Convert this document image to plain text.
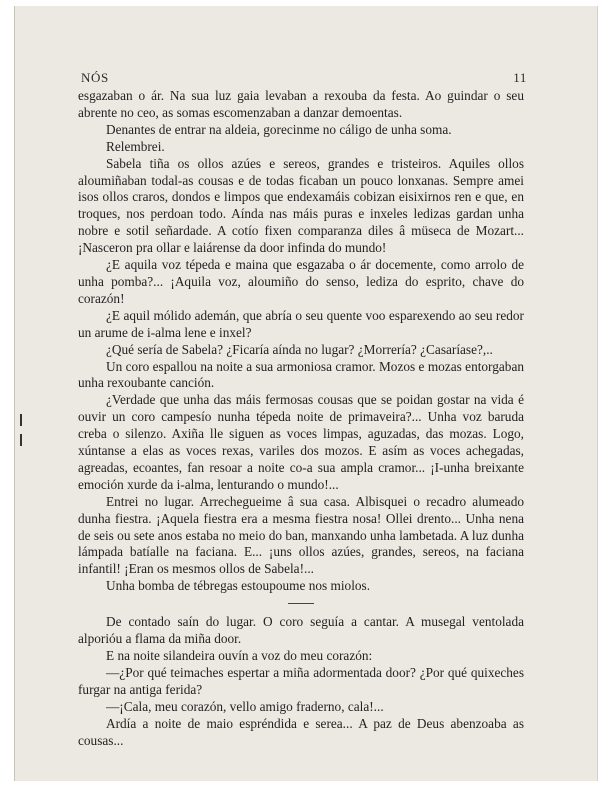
NÓS	11

esgazaban o ár. Na sua luz gaia levaban a rexouba da festa. Ao guindar o seu abrente no ceo, as somas escomenzaban a danzar demoentas.

Denantes de entrar na aldeia, gorecinme no cáligo de unha soma.

Relembrei.

Sabela tiña os ollos azúes e sereos, grandes e tristeiros. Aquiles ollos aloumiñaban todal-as cousas e de todas ficaban un pouco lonxanas. Sempre amei isos ollos craros, dondos e limpos que endexamáis cobizan eisixirnos ren e que, en troques, nos perdoan todo. Aínda nas máis puras e inxeles ledizas gardan unha nobre e sotil señardade. A cotío fixen comparanza diles â müseca de Mozart... ¡Nasceron pra ollar e laiárense da door infinda do mundo!

¿E aquila voz tépeda e maina que esgazaba o ár docemente, como arrolo de unha pomba?... ¡Aquila voz, aloumiño do senso, lediza do esprito, chave do corazón!

¿E aquil mólido ademán, que abría o seu quente voo esparexendo ao seu redor un arume de i-alma lene e inxel?

¿Qué sería de Sabela? ¿Ficaría aínda no lugar? ¿Morrería? ¿Casaríase?,..

Un coro espallou na noite a sua armoniosa cramor. Mozos e mozas entorgaban unha rexoubante canción.

¿Verdade que unha das máis fermosas cousas que se poidan gostar na vida é ouvir un coro campesío nunha tépeda noite de primaveira?... Unha voz baruda creba o silenzo. Axiña lle siguen as voces limpas, aguzadas, das mozas. Logo, xúntanse a elas as voces rexas, variles dos mozos. E asím as voces achegadas, agreadas, ecoantes, fan resoar a noite co-a sua ampla cramor... ¡I-unha breixante emoción xurde da i-alma, lenturando o mundo!...

Entrei no lugar. Arrechegueime â sua casa. Albisquei o recadro alumeado dunha fiestra. ¡Aquela fiestra era a mesma fiestra nosa! Ollei drento... Unha nena de seis ou sete anos estaba no meio do ban, manxando unha lambetada. A luz dunha lámpada batíalle na faciana. E... ¡uns ollos azúes, grandes, sereos, na faciana infantil! ¡Eran os mesmos ollos de Sabela!...

Unha bomba de tébregas estoupoume nos miolos.

De contado saín do lugar. O coro seguía a cantar. A musegal ventolada alporióu a flama da miña door.

E na noite silandeira ouvín a voz do meu corazón:

—¿Por qué teimaches espertar a miña adormentada door? ¿Por qué quixeches furgar na antiga ferida?

—¡Cala, meu corazón, vello amigo fraderno, cala!...

Ardía a noite de maio espréndida e serea... A paz de Deus abenzoaba as cousas...
